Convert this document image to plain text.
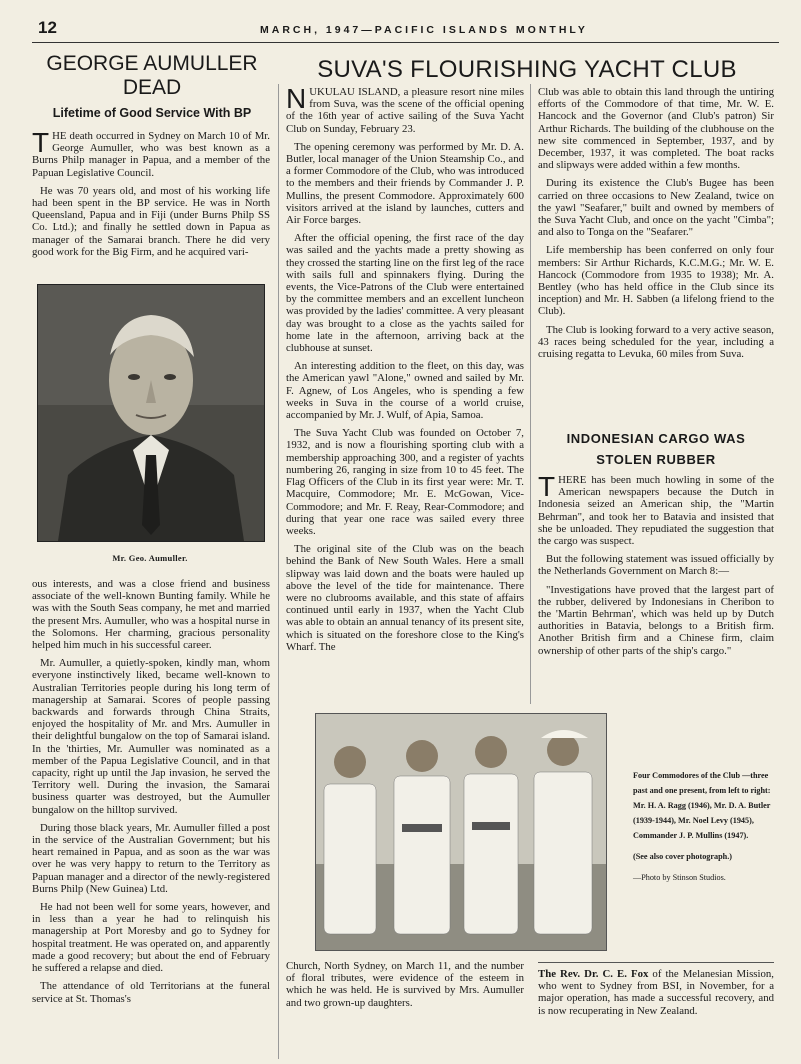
12	MARCH, 1947—PACIFIC ISLANDS MONTHLY
GEORGE AUMULLER DEAD
Lifetime of Good Service With BP

THE death occurred in Sydney on March 10 of Mr. George Aumuller, who was best known as a Burns Philp manager in Papua, and a member of the Papuan Legislative Council.

He was 70 years old, and most of his working life had been spent in the BP service. He was in North Queensland, Papua and in Fiji (under Burns Philp SS Co. Ltd.); and finally he settled down in Papua as manager of the Samarai branch. There he did very good work for the Big Firm, and he acquired vari-

Mr. Geo. Aumuller.

ous interests, and was a close friend and business associate of the well-known Bunting family. While he was with the South Seas company, he met and married the present Mrs. Aumuller, who was a hospital nurse in the Solomons. Her charming, gracious personality helped him much in his successful career.

Mr. Aumuller, a quietly-spoken, kindly man, whom everyone instinctively liked, became well-known to Australian Territories people during his long term of managership at Samarai. Scores of people passing backwards and forwards through China Straits, enjoyed the hospitality of Mr. and Mrs. Aumuller in their delightful bungalow on the top of Samarai island. In the 'thirties, Mr. Aumuller was nominated as a member of the Papua Legislative Council, and in that capacity, right up until the Jap invasion, he served the Territory well. During the invasion, the Samarai business quarter was destroyed, but the Aumuller bungalow on the hilltop survived.

During those black years, Mr. Aumuller filled a post in the service of the Australian Government; but his heart remained in Papua, and as soon as the war was over he was very happy to return to the Territory as Papuan manager and a director of the newly-registered Burns Philp (New Guinea) Ltd.

He had not been well for some years, however, and in less than a year he had to relinquish his managership at Port Moresby and go to Sydney for hospital treatment. He was operated on, and apparently made a good recovery; but about the end of February he suffered a relapse and died.

The attendance of old Territorians at the funeral service at St. Thomas's

Church, North Sydney, on March 11, and the number of floral tributes, were evidence of the esteem in which he was held. He is survived by Mrs. Aumuller and two grown-up daughters.

SUVA'S FLOURISHING YACHT CLUB

NUKULAU ISLAND, a pleasure resort nine miles from Suva, was the scene of the official opening of the 16th year of active sailing of the Suva Yacht Club on Sunday, February 23.

The opening ceremony was performed by Mr. D. A. Butler, local manager of the Union Steamship Co., and a former Commodore of the Club, who was introduced to the members and their friends by Commander J. P. Mullins, the present Commodore. Approximately 600 visitors arrived at the island by launches, cutters and Air Force barges.

After the official opening, the first race of the day was sailed and the yachts made a pretty showing as they crossed the starting line on the first leg of the race with sails full and spinnakers flying. During the events, the Vice-Patrons of the Club were entertained by the committee members and an excellent luncheon was provided by the ladies' committee. A very pleasant day was brought to a close as the yachts sailed for home late in the afternoon, arriving back at the clubhouse at sunset.

An interesting addition to the fleet, on this day, was the American yawl "Alone," owned and sailed by Mr. F. Agnew, of Los Angeles, who is spending a few weeks in Suva in the course of a world cruise, accompanied by Mr. J. Wulf, of Apia, Samoa.

The Suva Yacht Club was founded on October 7, 1932, and is now a flourishing sporting club with a membership approaching 300, and a register of yachts numbering 26, ranging in size from 10 to 45 feet. The Flag Officers of the Club in its first year were: Mr. T. Macquire, Commodore; Mr. E. McGowan, Vice-Commodore; and Mr. F. Reay, Rear-Commodore; and during that year one race was sailed every three weeks.

The original site of the Club was on the beach behind the Bank of New South Wales. Here a small slipway was laid down and the boats were hauled up above the level of the tide for maintenance. There were no clubrooms available, and this state of affairs continued until early in 1937, when the Yacht Club was able to obtain an annual tenancy of its present site, which is situated on the foreshore close to the King's Wharf. The

Club was able to obtain this land through the untiring efforts of the Commodore of that time, Mr. W. E. Hancock and the Governor (and Club's patron) Sir Arthur Richards. The building of the clubhouse on the new site commenced in September, 1937, and by December, 1937, it was completed. The boat racks and slipways were added within a few months.

During its existence the Club's Bugee has been carried on three occasions to New Zealand, twice on the yawl "Seafarer," built and owned by members of the Suva Yacht Club, and once on the yacht "Cimba"; and also to Tonga on the "Seafarer."

Life membership has been conferred on only four members: Sir Arthur Richards, K.C.M.G.; Mr. W. E. Hancock (Commodore from 1935 to 1938); Mr. A. Bentley (who has held office in the Club since its inception) and Mr. H. Sabben (a lifelong friend to the Club).

The Club is looking forward to a very active season, 43 races being scheduled for the year, including a cruising regatta to Levuka, 60 miles from Suva.

INDONESIAN CARGO WAS STOLEN RUBBER

THERE has been much howling in some of the American newspapers because the Dutch in Indonesia seized an American ship, the "Martin Behrman", and took her to Batavia and insisted that she be unloaded. They repudiated the suggestion that the cargo was suspect.

But the following statement was issued officially by the Netherlands Government on March 8:—

"Investigations have proved that the largest part of the rubber, delivered by Indonesians in Cheribon to the 'Martin Behrman', which was held up by Dutch authorities in Batavia, belongs to a British firm. Another British firm and a Chinese firm, claim ownership of other parts of the ship's cargo."

Four Commodores of the Club —three past and one present, from left to right: Mr. H. A. Ragg (1946), Mr. D. A. Butler (1939-1944), Mr. Noel Levy (1945), Commander J. P. Mullins (1947).

(See also cover photograph.)

—Photo by Stinson Studios.

The Rev. Dr. C. E. Fox of the Melanesian Mission, who went to Sydney from BSI, in November, for a major operation, has made a successful recovery, and is now recuperating in New Zealand.
